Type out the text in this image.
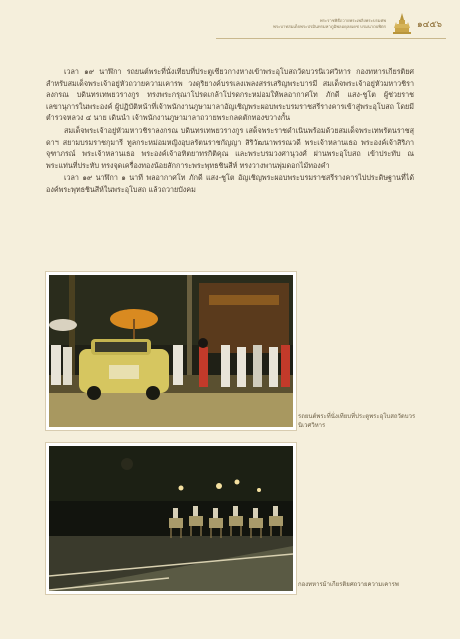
พระราชพิธีถวายพระเพลิงพระบรมศพ
พระบาทสมเด็จพระปรมินทรมหาภูมิพลอดุลยเดช บรมนาถบพิตร	๑๔๕๖

เวลา ๑๙ นาฬิกา รถยนต์พระที่นั่งเทียบที่ประตูเซียวกางหางเข้าพระอุโบสถวัดบวรนิเวศวิหาร กองทหารเกียรติยศสำหรับสมเด็จพระเจ้าอยู่หัวถวายความเคารพ วงดุริยางค์บรรเลงเพลงสรรเสริญพระบารมี สมเด็จพระเจ้าอยู่หัวมหาวชิราลงกรณ บดินทรเทพยวรางกูร ทรงพระกรุณาโปรดเกล้าโปรดกระหม่อมให้พลอากาศโท ภักดี แสง-ชูโต ผู้ช่วยราชเลขานุการในพระองค์ ผู้ปฏิบัติหน้าที่เจ้าพนักงานภูษามาลาอัญเชิญพระผอบพระบรมราชสรีรางคารเข้าสู่พระอุโบสถ โดยมีตำรวจหลวง ๔ นาย เดินนำ เจ้าพนักงานภูษามาลาถวายพระกลดตักทองขวางกั้น

สมเด็จพระเจ้าอยู่หัวมหาวชิราลงกรณ บดินทรเทพยวรางกูร เสด็จพระราชดำเนินพร้อมด้วยสมเด็จพระเทพรัตนราชสุดาฯ สยามบรมราชกุมารี ทูลกระหม่อมหญิงอุบลรัตนราชกัญญา สิริวัฒนาพรรณวดี พระเจ้าหลานเธอ พระองค์เจ้าสิริภาจุฑาภรณ์ พระเจ้าหลานเธอ พระองค์เจ้าอทิตยาทรกิติคุณ และพระบรมวงศานุวงศ์ ผ่านพระอุโบสถ เข้าประทับ ณ พระแท่นที่ประทับ ทรงจุดเครื่องทองน้อยสักการะพระพุทธชินสีห์ ทรงวางพานพุ่มดอกไม้ทองคำ

เวลา ๑๙ นาฬิกา ๑ นาที พลอากาศโท ภักดี แสง-ชูโต อัญเชิญพระผอบพระบรมราชสรีรางคารไปประดิษฐานที่ได้องค์พระพุทธชินสีห์ในพระอุโบสถ แล้วถวายบังคม

รถยนต์พระที่นั่งเทียบที่ประตูพระอุโบสถวัดบวรนิเวศวิหาร
กองทหารม้าเกียรติยศถวายความเคารพ
